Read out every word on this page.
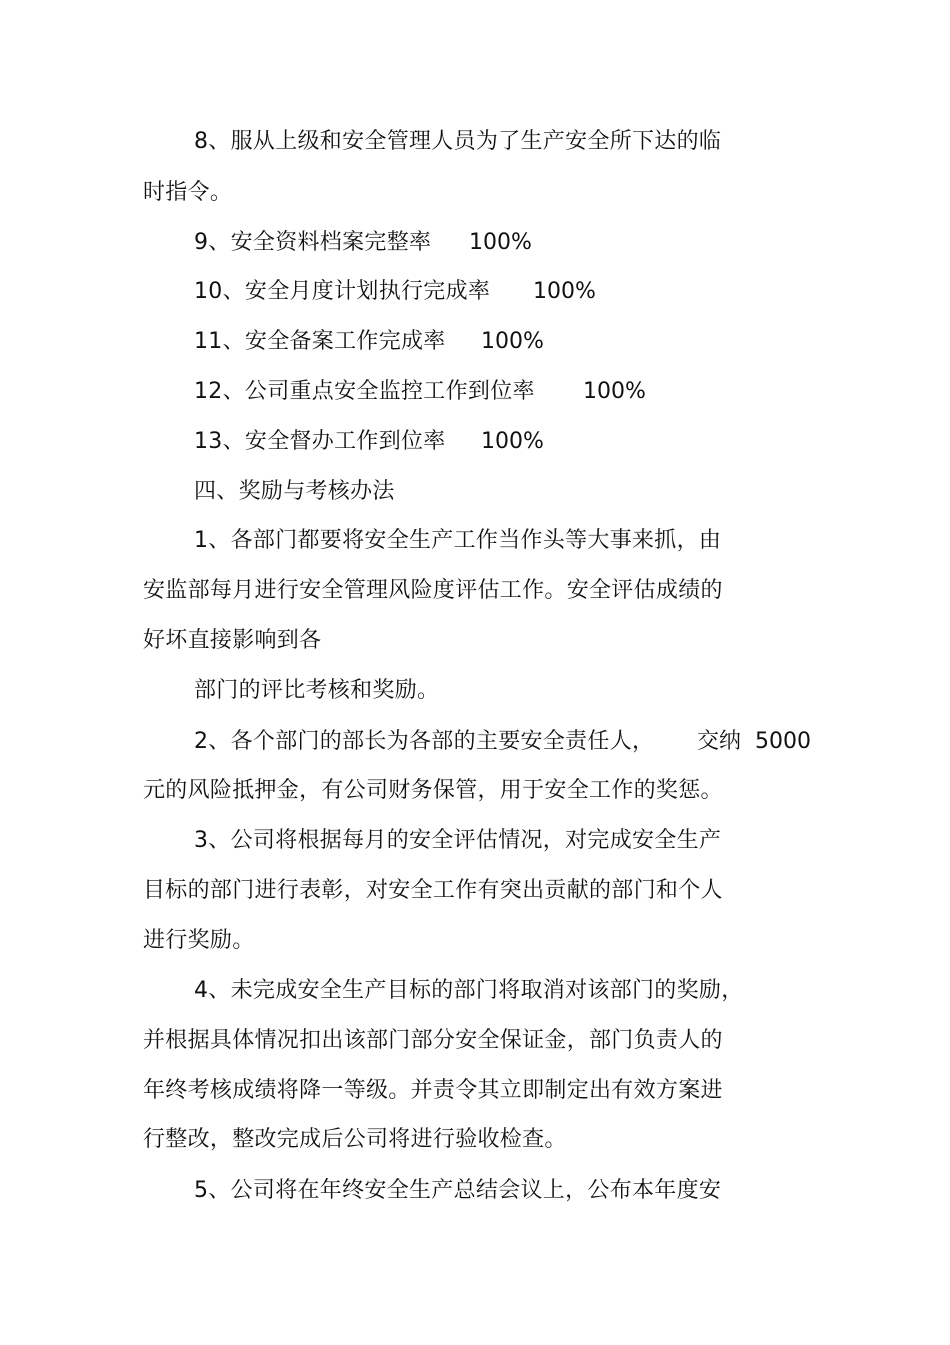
8、服从上级和安全管理人员为了生产安全所下达的临

时指令。

9、安全资料档案完整率 100%

10、安全月度计划执行完成率 100%

11、安全备案工作完成率 100%

12、公司重点安全监控工作到位率 100%

13、安全督办工作到位率 100%

四、奖励与考核办法

1、各部门都要将安全生产工作当作头等大事来抓，由

安监部每月进行安全管理风险度评估工作。安全评估成绩的

好坏直接影响到各

部门的评比考核和奖励。

2、各个部门的部长为各部的主要安全责任人， 交纳 5000

元的风险抵押金，有公司财务保管，用于安全工作的奖惩。

3、公司将根据每月的安全评估情况，对完成安全生产

目标的部门进行表彰，对安全工作有突出贡献的部门和个人

进行奖励。

4、未完成安全生产目标的部门将取消对该部门的奖励，

并根据具体情况扣出该部门部分安全保证金，部门负责人的

年终考核成绩将降一等级。并责令其立即制定出有效方案进

行整改，整改完成后公司将进行验收检查。

5、公司将在年终安全生产总结会议上，公布本年度安
